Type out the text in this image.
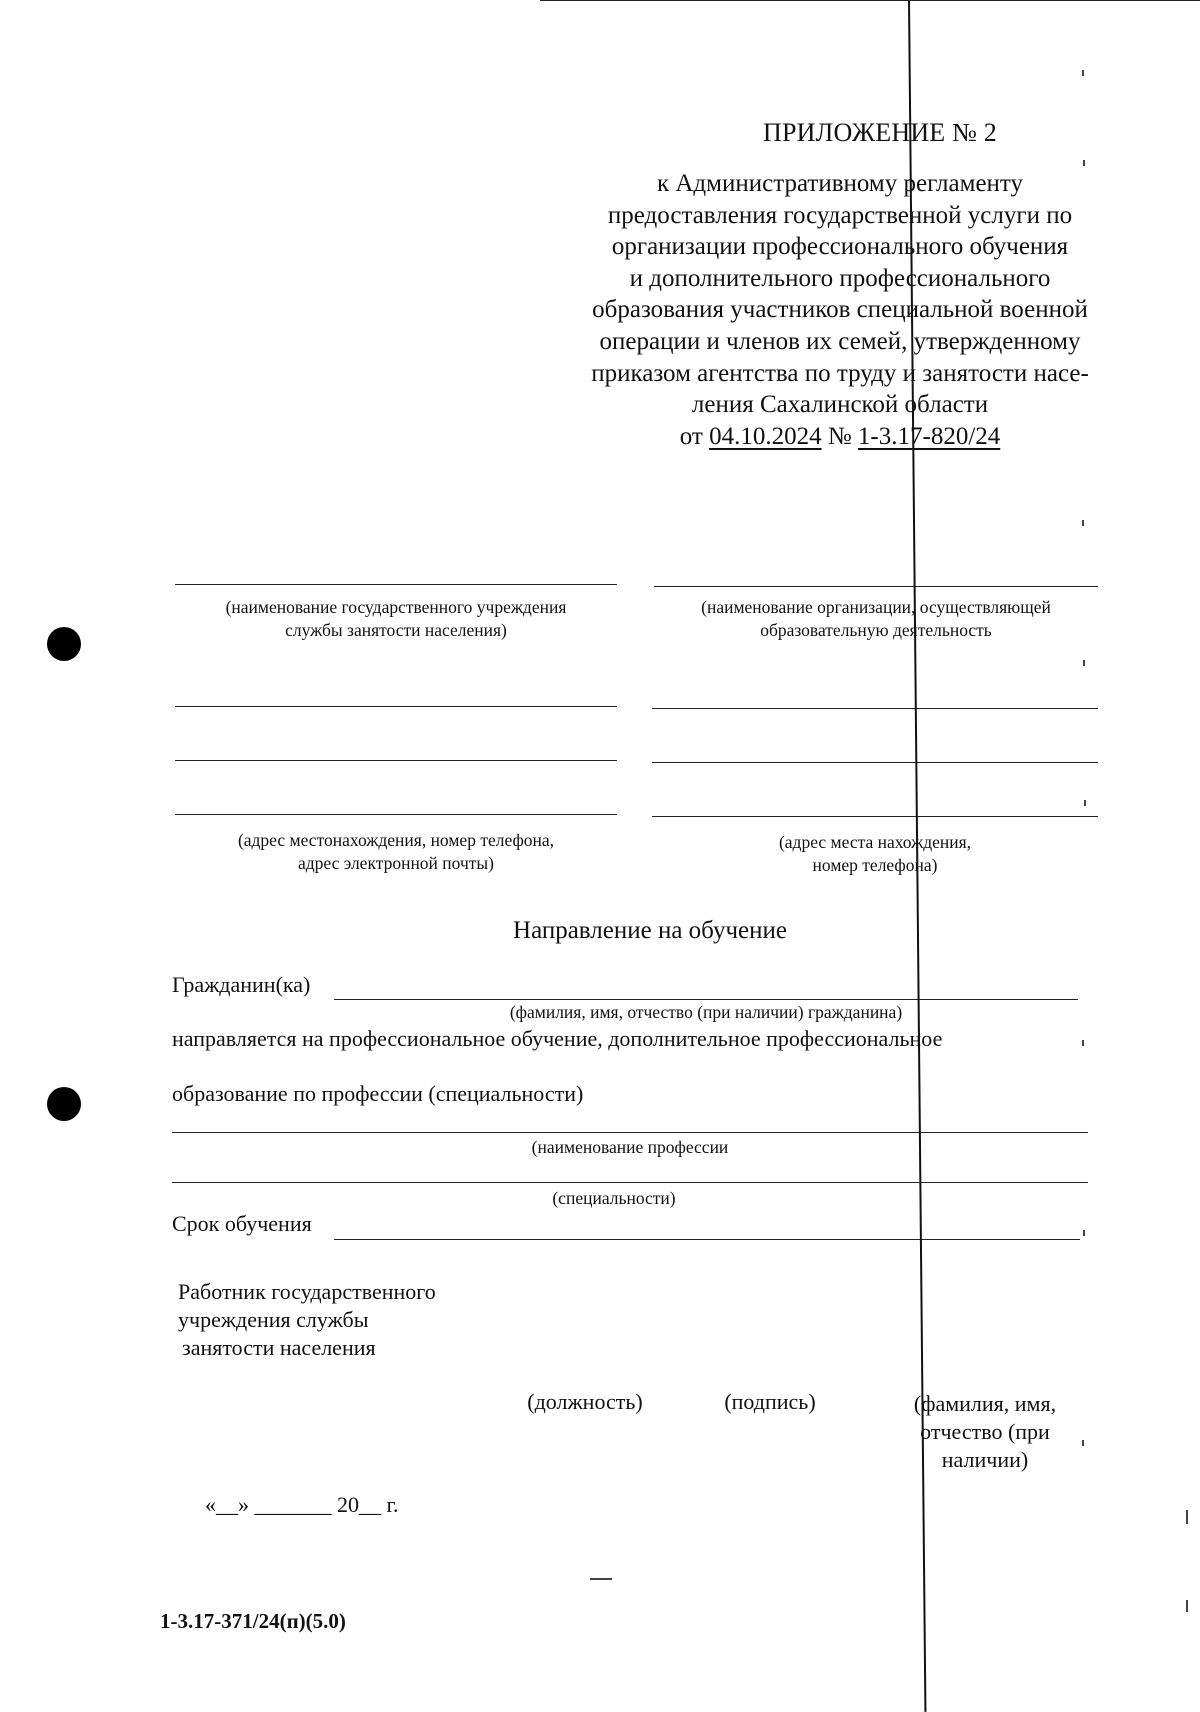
ПРИЛОЖЕНИЕ № 2
к Административному регламенту
предоставления государственной услуги по
организации профессионального обучения
и дополнительного профессионального
образования участников специальной военной
операции и членов их семей, утвержденному
приказом агентства по труду и занятости насе-
ления Сахалинской области
от 04.10.2024 № 1-3.17-820/24
(наименование государственного учреждения
службы занятости населения)
(наименование организации, осуществляющей
образовательную деятельность
(адрес местонахождения, номер телефона,
адрес электронной почты)
(адрес места нахождения,
номер телефона)
Направление на обучение
Гражданин(ка)
(фамилия, имя, отчество (при наличии) гражданина)
направляется на профессиональное обучение, дополнительное профессиональное
образование по профессии (специальности)
(наименование профессии
(специальности)
Срок обучения
Работник государственного
учреждения службы
занятости населения
(должность)	(подпись)	(фамилия, имя,
отчество (при
наличии)
«__» _______ 20__ г.
1-3.17-371/24(п)(5.0)
